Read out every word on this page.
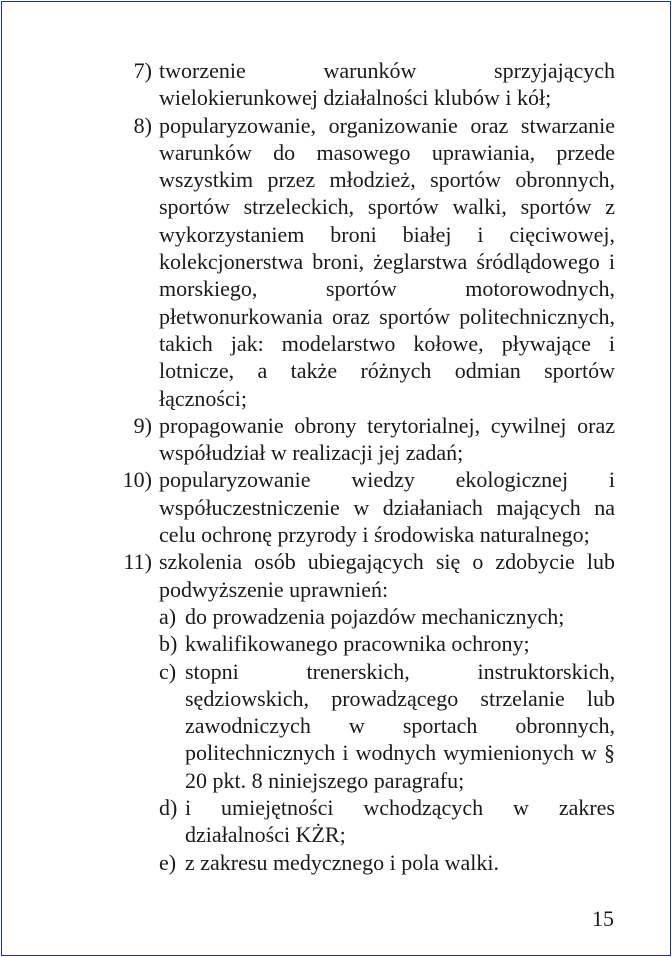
7) tworzenie warunków sprzyjających wielokierunkowej działalności klubów i kół;
8) popularyzowanie, organizowanie oraz stwarzanie warunków do masowego uprawiania, przede wszystkim przez młodzież, sportów obronnych, sportów strzeleckich, sportów walki, sportów z wykorzystaniem broni białej i cięciwowej, kolekcjonerstwa broni, żeglarstwa śródlądowego i morskiego, sportów motorowodnych, płetwonurkowania oraz sportów politechnicznych, takich jak: modelarstwo kołowe, pływające i lotnicze, a także różnych odmian sportów łączności;
9) propagowanie obrony terytorialnej, cywilnej oraz współudział w realizacji jej zadań;
10) popularyzowanie wiedzy ekologicznej i współuczestniczenie w działaniach mających na celu ochronę przyrody i środowiska naturalnego;
11) szkolenia osób ubiegających się o zdobycie lub podwyższenie uprawnień:
a) do prowadzenia pojazdów mechanicznych;
b) kwalifikowanego pracownika ochrony;
c) stopni trenerskich, instruktorskich, sędziowskich, prowadzącego strzelanie lub zawodniczych w sportach obronnych, politechnicznych i wodnych wymienionych w § 20 pkt. 8 niniejszego paragrafu;
d) i umiejętności wchodzących w zakres działalności KŻR;
e) z zakresu medycznego i pola walki.
15
